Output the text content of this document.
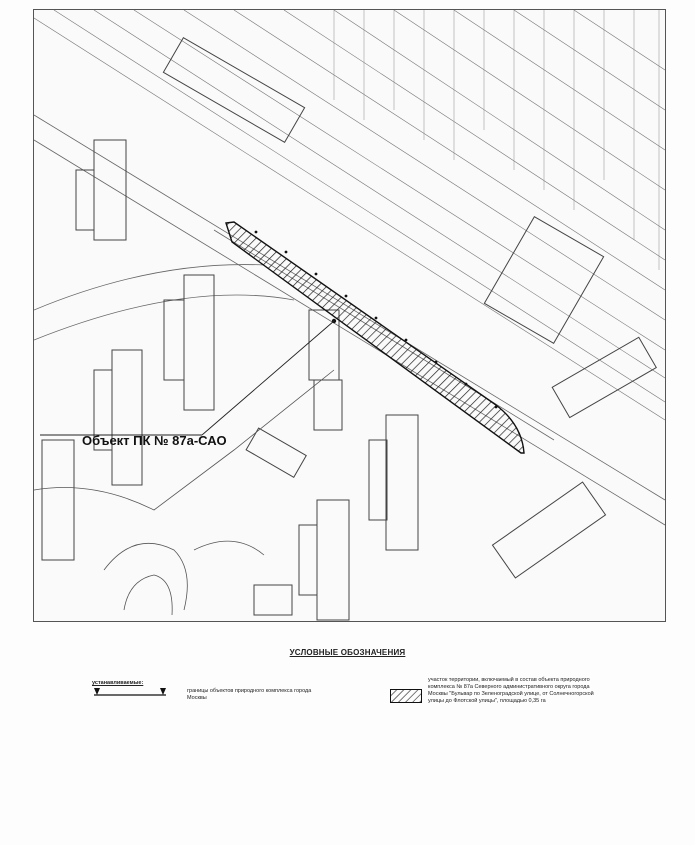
Объект ПК № 87а-САО
УСЛОВНЫЕ ОБОЗНАЧЕНИЯ
устанавливаемые:
границы объектов природного комплекса города Москвы
участок территории, включаемый в состав объекта природного комплекса № 87а Северного административного округа города Москвы "Бульвар по Зеленоградской улице, от Солнечногорской улицы до Флотской улицы", площадью 0,35 га
